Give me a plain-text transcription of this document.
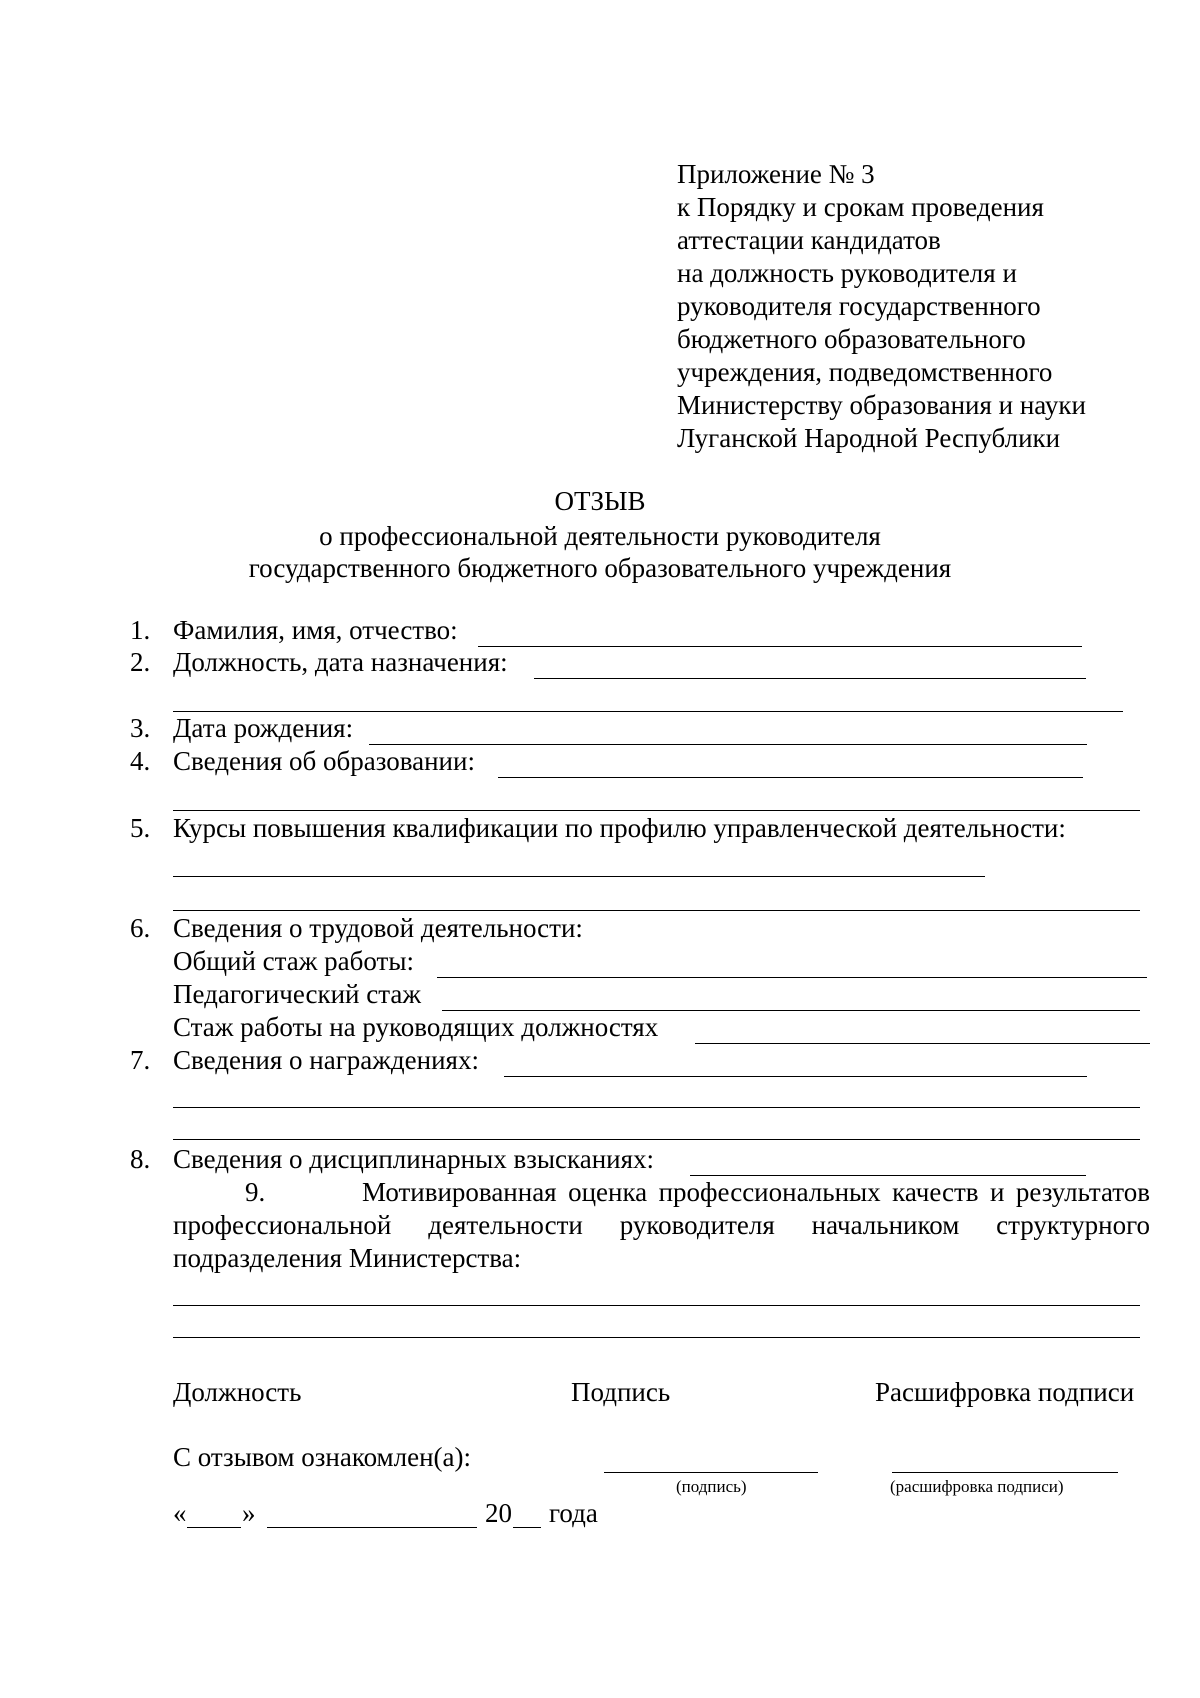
Приложение № 3
к Порядку и срокам проведения
аттестации кандидатов
на должность руководителя и
руководителя государственного
бюджетного образовательного
учреждения, подведомственного
Министерству образования и науки
Луганской Народной Республики
ОТЗЫВ
о профессиональной деятельности руководителя
государственного бюджетного образовательного учреждения
1. Фамилия, имя, отчество:
2. Должность, дата назначения:
3. Дата рождения:
4. Сведения об образовании:
5. Курсы повышения квалификации по профилю управленческой деятельности:
6. Сведения о трудовой деятельности:
Общий стаж работы:
Педагогический стаж
Стаж работы на руководящих должностях
7. Сведения о награждениях:
8. Сведения о дисциплинарных взысканиях:
9.	Мотивированная оценка профессиональных качеств и результатов профессиональной деятельности руководителя начальником структурного подразделения Министерства:
Должность	Подпись	Расшифровка подписи
С отзывом ознакомлен(а):
(подпись)	(расшифровка подписи)
« »	20 года
